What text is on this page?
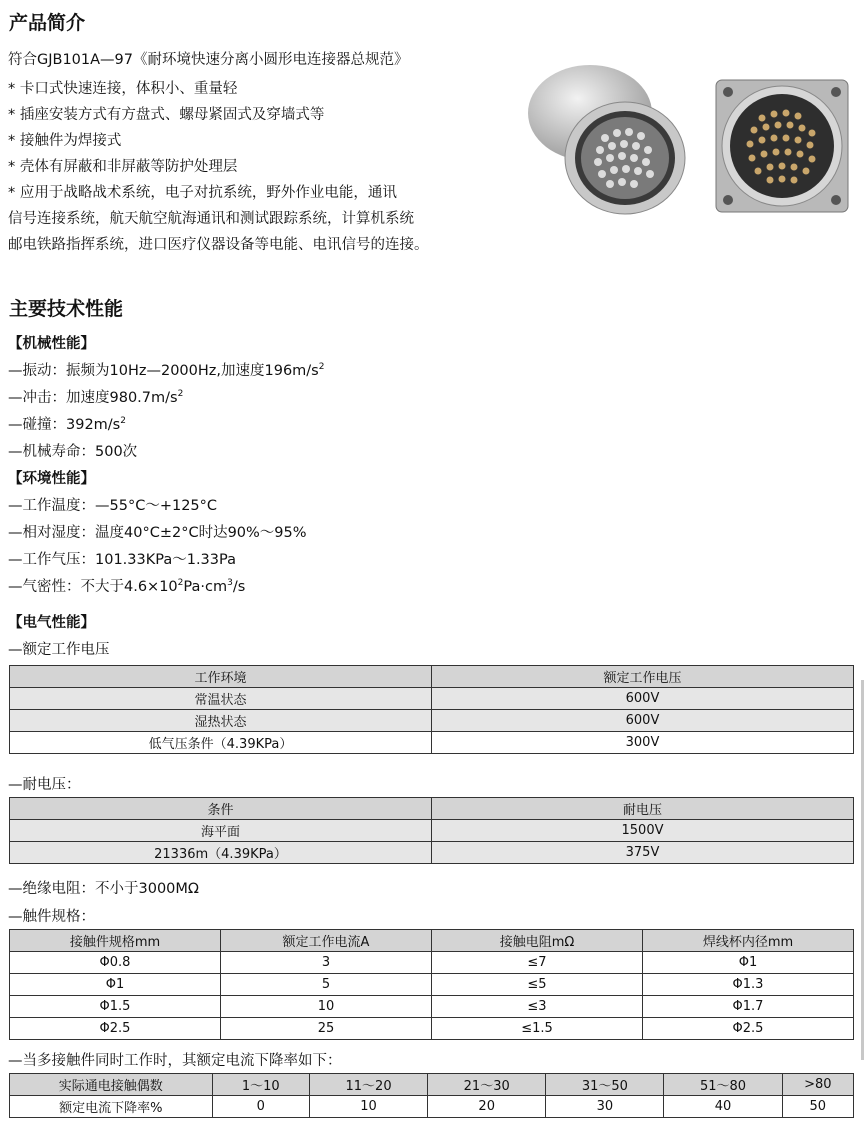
产品简介
符合GJB101A—97《耐环境快速分离小圆形电连接器总规范》
* 卡口式快速连接，体积小、重量轻
* 插座安装方式有方盘式、螺母紧固式及穿墙式等
* 接触件为焊接式
* 壳体有屏蔽和非屏蔽等防护处理层
* 应用于战略战术系统，电子对抗系统，野外作业电能，通讯
信号连接系统，航天航空航海通讯和测试跟踪系统，计算机系统
邮电铁路指挥系统，进口医疗仪器设备等电能、电讯信号的连接。
主要技术性能
【机械性能】
—振动：振频为10Hz—2000Hz,加速度$196m/s^2$
—冲击：加速度$980.7m/s^2$
—碰撞：$392m/s^2$
—机械寿命：500次
【环境性能】
—工作温度：—55°C～+125°C
—相对湿度：温度40°C±2°C时达90%～95%
—工作气压：101.33KPa～1.33Pa
—气密性：不大于$4.6\times 10^2Pa\cdot cm^3/s$
【电气性能】
—额定工作电压
工作环境	额定工作电压
常温状态	600V
湿热状态	600V
低气压条件（4.39KPa）	300V
—耐电压：
条件	耐电压
海平面	1500V
21336m（4.39KPa）	375V
—绝缘电阻：不小于3000MΩ
—触件规格：
接触件规格mm	额定工作电流A	接触电阻mΩ	焊线杯内径mm
Φ0.8	3	≤7	Φ1
Φ1	5	≤5	Φ1.3
Φ1.5	10	≤3	Φ1.7
Φ2.5	25	≤1.5	Φ2.5
—当多接触件同时工作时，其额定电流下降率如下：
实际通电接触偶数	1～10	11～20	21～30	31～50	51～80	>80
额定电流下降率%	0	10	20	30	40	50
